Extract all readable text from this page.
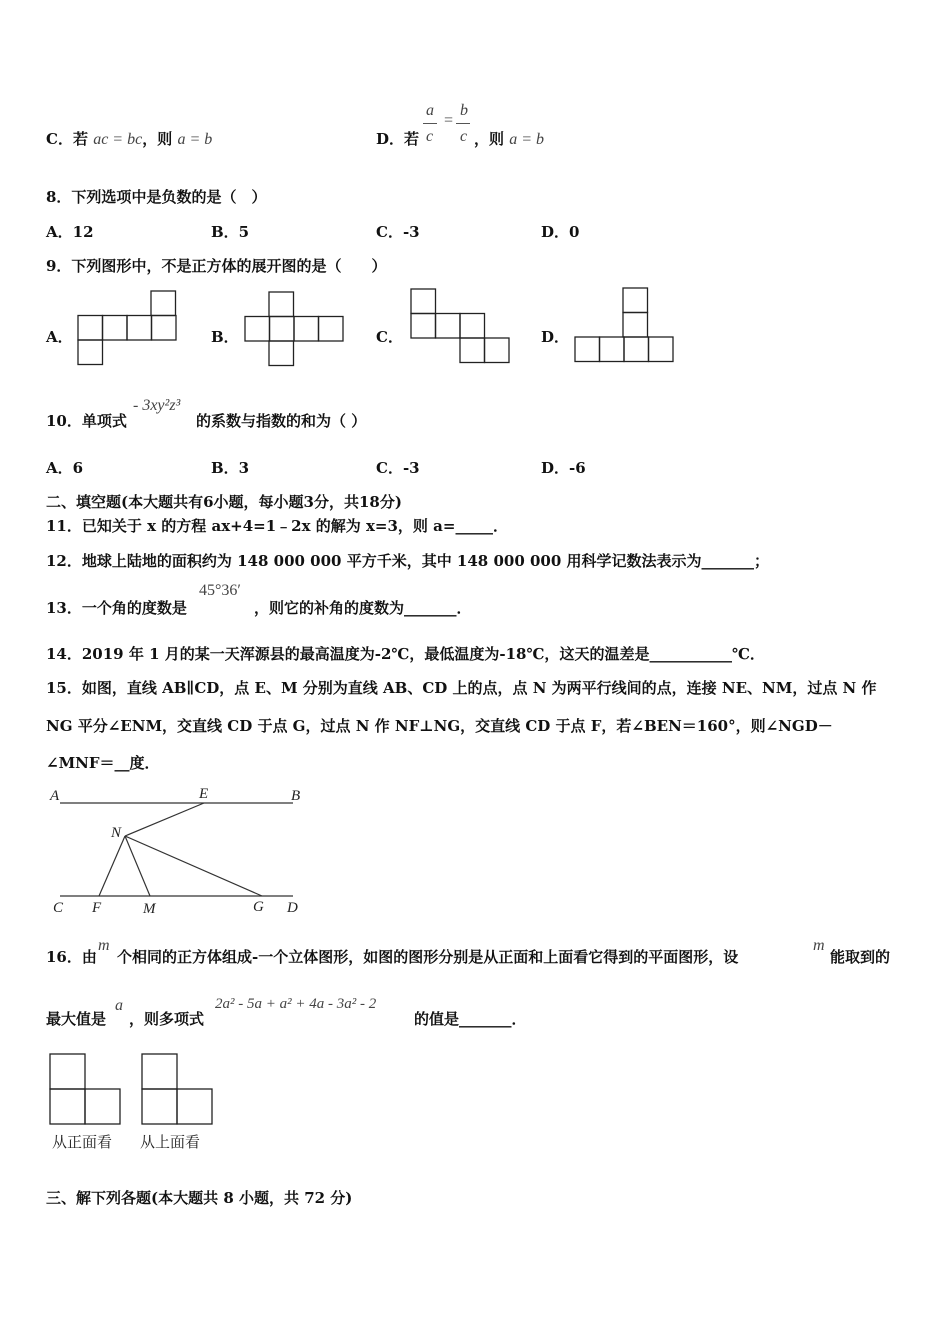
C．若 ac = bc，则 a = b	D．若
a
c
=
b
c ，则 a = b
8．下列选项中是负数的是（　）
A．12	B．5	C．-3	D．0
9．下列图形中，不是正方体的展开图的是（　　）
A．	B．	C．	D．
10．单项式
- 3xy²z³
的系数与指数的和为（ ）
A．6	B．3	C．-3	D．-6
二、填空题(本大题共有6小题，每小题3分，共18分)
11．已知关于 x 的方程 ax+4=1﹣2x 的解为 x=3，则 a=_____．
12．地球上陆地的面积约为 148 000 000 平方千米，其中 148 000 000 用科学记数法表示为_______；
13．一个角的度数是
45°36′
，则它的补角的度数为_______．
14．2019 年 1 月的某一天浑源县的最高温度为-2℃，最低温度为-18℃，这天的温差是___________℃．
15．如图，直线 AB∥CD，点 E、M 分别为直线 AB、CD 上的点，点 N 为两平行线间的点，连接 NE、NM，过点 N 作
NG 平分∠ENM，交直线 CD 于点 G，过点 N 作 NF⊥NG，交直线 CD 于点 F，若∠BEN＝160°，则∠NGD－
∠MNF＝__度．
A	E	B
N
C F	M	G D
16．由
m
个相同的正方体组成-一个立体图形，如图的图形分别是从正面和上面看它得到的平面图形，设
m
能取到的
最大值是
a
，则多项式
2a² - 5a + a² + 4a - 3a² - 2
的值是_______．
从正面看 从上面看
三、解下列各题(本大题共 8 小题，共 72 分)
